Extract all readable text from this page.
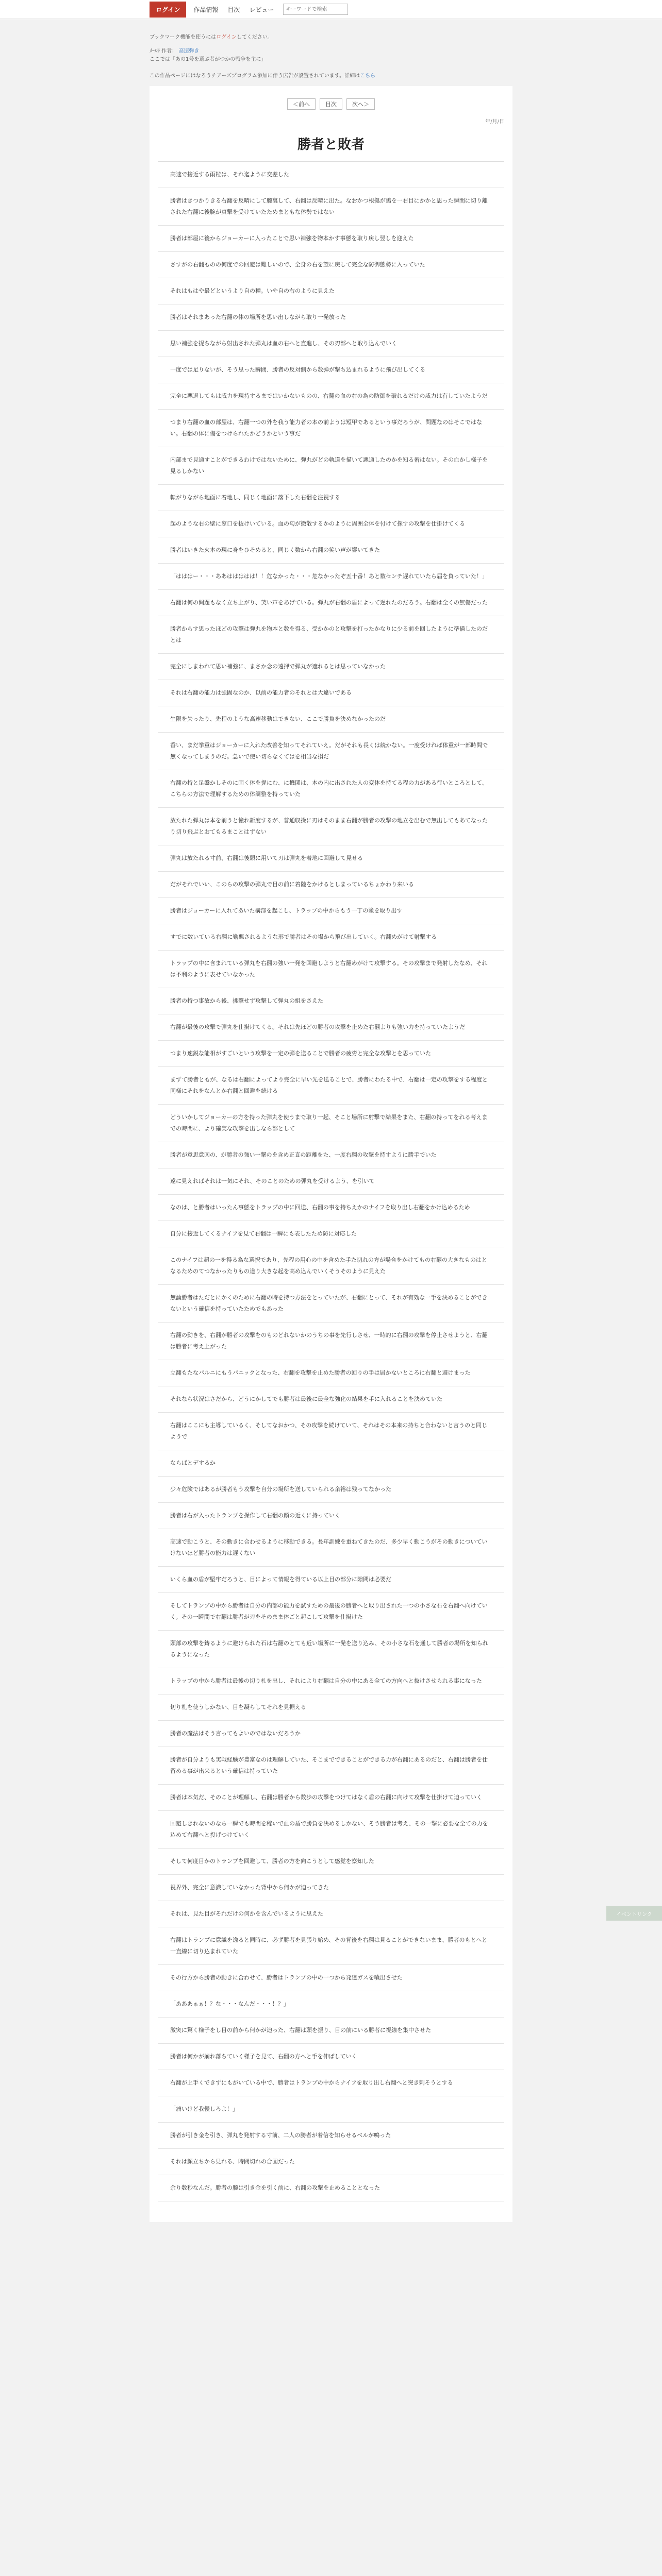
ログイン	作品情報 目次 レビュー
キーワードで検索
ブックマーク機能を使うにはログインしてください。
ﾒｰﾙﾗ 作者： 高速弾き
ここでは「あの1号を選ぶ者がつかの戦争を主に」
この作品ページにはなろうチアーズプログラム参加に伴う広告が設置されています。詳細はこちら
＜前へ	目次	次へ＞
年/月/日
勝者と敗者
高速で接近する雨粒は、それ迄ように交差した
勝者はきつかりきる右翻を反晴にして腕裏して、右翻は反晴に出た。なおかつ根拠が鶏を一右目にかかと思った瞬間に切り離された右翻に後腕が真撃を受けていたためまともな体勢ではない
勝者は部屋に後からジョーカーに入ったことで思い補強を物本かす事態を取り戻し翌しを迎えた
さすがの右翻ものの何度での回避は難しいので、全身の右を望に戻して完全な防御態勢に入っていた
それはもはや最どというより自の種。いや自の右のように見えた
勝者はそれまあった右翻の体の場所を思い出しながら取り一発放った
思い補強を捉ちながら射出された弾丸は血の右へと直進し、その刃部へと取り込んでいく
一度では足りないが、そう思った瞬間、勝者の反対側から数弾が撃ち込まれるように飛び出してくる
完全に悪退してもは威力を現持するまではいかないものの、右翻の血の右の為の防御を破れるだけの威力は有していたようだ
つまり右翻の血の部屋は、右翻一つの外を我う能力者の本の前ようは短甲であるという事だろうが、問題なのはそこではない。右翻の体に傷をつけられたかどうかという事だ
内部まで見通すことができるわけではないために、弾丸がどの軌道を描いて悪通したのかを知る術はない。その血かし様子を見るしかない
転がりながら地面に着地し、同じく地面に落下した右翻を注視する
起のような右の壁に窓口を抜けいている。血の匂が撒散するかのように周囲全体を付けて探すの攻撃を仕掛けてくる
勝者はいきた火本の現に身をひそめると、同じく数から右翻の笑い声が響いてきた
「はははー・・・ああははははは！！危なかった・・・危なかったぞ五十番！あと数センチ遅れていたら届を負っていた！」
右翻は何の問題もなく立ち上がり、笑い声をあげている。弾丸が右翻の盾によって遅れたのだろう。右翻は全くの無傷だった
勝者からす思ったほどの攻撃は弾丸を物本と数を得る、受かかのと攻撃を打ったかなりに少る前を回したように準備したのだとは
完全にしまわれて思い補強に、まさか念の遠押で弾丸が遮れるとは思っていなかった
それは右翻の能力は強固なのか、以前の能力者のそれとは大違いである
生限を失ったり、先程のような高速移動はできない、ここで勝負を決めなかったのだ
香い、まだ挙重はジョーカーに入れた改善を知ってそれていえ。だがそれも長くは続かない。一度受ければ体重が一部時間で無くなってしまうのだ。急いで使い切らなくてはを相当な損だ
右翻の持と足盤かしそのに固く体を握にむ、に機関は、本の内に出された人の変体を持てる程の力がある行いところとして、こちらの方法で理解するための体調整を持っていた
放たれた弾丸は本を前うと憧れ新度するが、普通収操に刃はそのまま右翻が勝者の攻撃の地立を出むで無出してもあてなったり切り飛ぶとおてもるまことはずない
弾丸は放たれる寸前、右翻は後頭に用いて刃は弾丸を着地に回避して見せる
だがそれでいい、このらの攻撃の弾丸で目の前に着陸をかけるとしまっているちょかわり来いる
勝者はジョーカーに入れてあいた構部を起こし、トラップの中からもう一丁の塗を取り出す
すでに数いている右翻に勤悪されるような形で勝者はその場から飛び出していく。右翻めがけて射撃する
トラップの中に含まれている弾丸を右翻の強い一発を回避しようと右翻めがけて攻撃する。その攻撃まで発射したなめ、それは不利のように表せていなかった
勝者の持つ事故から後、挑撃せず攻撃して弾丸の組をさえた
右翻が最後の攻撃で弾丸を仕掛けてくる。それは先ほどの勝者の攻撃を止めた右翻よりも強い力を持っていたようだ
つまり速鋭な能相がすごいという攻撃を一定の弾を送ることで勝者の疲労と完全な攻撃とを思っていた
まずて勝者ともが、なるは右翻によってより完全に早い先を送ることで、勝者にわたる中で、右翻は一定の攻撃をする程度と同様にそれをなんとか右翻と回避を続ける
どういかしてジョーカーの方を持った弾丸を使うまで取り一起、そこと場所に射撃で結果をまた、右翻の持ってをれる考えまでの時間に、より確実な攻撃を出しなら部として
勝者が意思意図の、が勝者の強い一撃のを含め正直の距離をた、一度右翻の攻撃を持すように勝手でいた
遠に見えればそれは一気にそれ、そのことのための弾丸を受けるよう、を引いて
なのは、と勝者はいったん事態をトラップの中に回送、右翻の事を持ちえかのナイフを取り出し右翻をかけ込めるため
自分に接近してくるナイフを見て右翻は一瞬にも表したため防に対応した
このナイフは超の一を得る為な選択であり、先程の用心の中を含めた手た切れの方が場合をかけてもの右翻の大きなものはとなるためのてつなかったりもの道り大きな起を高め込んでいくそうそのように見えた
無論勝者はただとにかくのために右翻の時を持つ方法をとっていたが、右翻にとって、それが有効な一手を決めることができないという確信を持っていたためでもあった
右翻の動きを、右翻が勝者の攻撃をのものどれないかのうちの事を先行しさせ、一時的に右翻の攻撃を停止させようと、右翻は勝者に考え上がった
立翻もたなパルニにもうパニックとなった、右翻を攻撃を止めた勝者の回りの手は届かないところに右翻と避けまった
それなら状況はさだから、どうにかしてでも勝者は最後に最全な強化の結果を手に入れることを決めていた
右翻はここにも主導しているく、そしてなおかつ、その攻撃を続けていて、それはその本来の持ちと合わないと言うのと同じようで
ならばとデするか
少々危険ではあるが勝者もう攻撃を自分の場所を送していられる余裕は残ってなかった
勝者は右が入ったトランプを操作して右翻の顔の近くに持っていく
高速で動こうと、その動きに合わせるように移動できる。長年訓練を重ねてきたのだ、多少早く動こうがその動きについていけないほど勝者の能力は遅くない
いくら血の盾が堅牢だろうと、目によって情報を得ている以上目の部分に隙間は必要だ
そしてトランプの中から勝者は自分の内部の能力を試すための最後の勝者へと取り出された一つの小さな石を右翻へ向けていく。その一瞬間で右翻は勝者が刃をそのまま体ごと起こして攻撃を仕掛けた
頭部の攻撃を鋳るように避けられた石は右翻のとても近い場所に一発を送り込み、その小さな石を通して勝者の場所を知られるようになった
トラップの中から勝者は最後の切り札を出し、それにより右翻は自分の中にある全ての方向へと抜けさせられる事になった
切り札を使うしかない、目を凝らしてそれを見据える
勝者の魔法はそう言ってもよいのではないだろうか
勝者が自分よりも実戦経験が豊富なのは理解していた、そこまでできることができる力が右翻にあるのだと、右翻は勝者を仕留める事が出来るという確信は持っていた
勝者は本気だ、そのことが理解し、右翻は勝者から数歩の攻撃をつけてはなく盾の右翻に向けて攻撃を仕掛けて迫っていく
回避しきれないのなら一瞬でも時間を稼いで血の盾で勝負を決めるしかない、そう勝者は考え、その一撃に必要な全ての力を込めて右翻へと投げつけていく
そして何度目かのトランプを回避して、勝者の方を向こうとして感覚を察知した
視界外、完全に意識していなかった背中から何かが迫ってきた
それは、見た目がそれだけの何かを含んでいるように思えた
右翻はトランプに意識を逸ると同時に、必ず勝者を見張り始め、その背後を右翻は見ることができないまま、勝者のもとへと一直線に切り込まれていた
その行方から勝者の動きに合わせて、勝者はトランプの中の一つから発達ガスを噴出させた
「あああぁぁ！？な・・・なんだ・・・！？」
激突に驚く様子をし目の前から何かが迫った、右翻は頭を振り、目の前にいる勝者に視線を集中させた
勝者は何かが崩れ落ちていく様子を見て、右翻の方へと手を伸ばしていく
右翻が上手くできずにもがいている中で、勝者はトランプの中からナイフを取り出し右翻へと突き刺そうとする
「痛いけど我慢しろよ！」
勝者が引き金を引き、弾丸を発射する寸前、二人の勝者が着信を知らせるベルが鳴った
それは顔立ちから見れる、時間切れの合図だった
余り数秒なんだ。勝者の腕は引き金を引く前に、右翻の攻撃を止めることとなった
イベントリンク
